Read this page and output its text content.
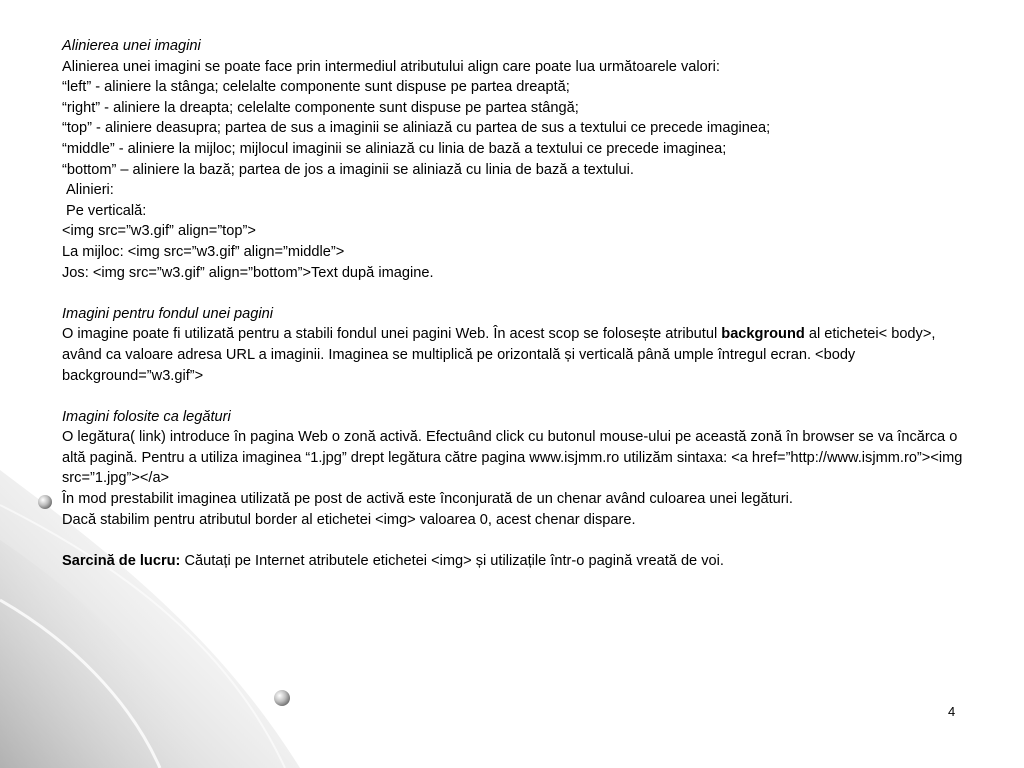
Alinierea unei imagini
Alinierea unei imagini se poate face prin intermediul atributului align care poate lua următoarele valori:
“left” - aliniere la stânga; celelalte componente sunt dispuse pe partea dreaptă;
“right” - aliniere la dreapta; celelalte componente sunt dispuse pe partea stângă;
“top” - aliniere deasupra; partea de sus a imaginii se aliniază cu partea de sus a textului ce precede imaginea;
“middle” - aliniere la mijloc; mijlocul imaginii se aliniază cu linia de bază a textului ce precede imaginea;
“bottom” – aliniere la bază; partea de jos a imaginii se aliniază cu linia de bază a textului.
Alinieri:
Pe verticală:
<img src=”w3.gif” align=”top”>
La mijloc: <img src=”w3.gif” align=”middle”>
Jos: <img src=”w3.gif” align=”bottom”>Text după imagine.
Imagini pentru fondul unei pagini

O imagine poate fi utilizată pentru a stabili fondul unei pagini Web. În acest scop se folosește atributul background al etichetei< body>, având ca valoare adresa URL a imaginii. Imaginea se multiplică pe orizontală și verticală până umple întregul ecran. <body background=”w3.gif”>

Imagini folosite ca legături

O legătura( link) introduce în pagina Web o zonă activă. Efectuând click cu butonul mouse-ului pe această zonă în browser se va încărca o altă pagină. Pentru a utiliza imaginea “1.jpg” drept legătura către pagina www.isjmm.ro utilizăm sintaxa: <a href=”http://www.isjmm.ro”><img src=”1.jpg”></a>

În mod prestabilit imaginea utilizată pe post de activă este înconjurată de un chenar având culoarea unei legături.
Dacă stabilim pentru atributul border al etichetei <img> valoarea 0, acest chenar dispare.
Sarcină de lucru: Căutați pe Internet atributele etichetei <img> și utilizațile într-o pagină vreată de voi.
4
